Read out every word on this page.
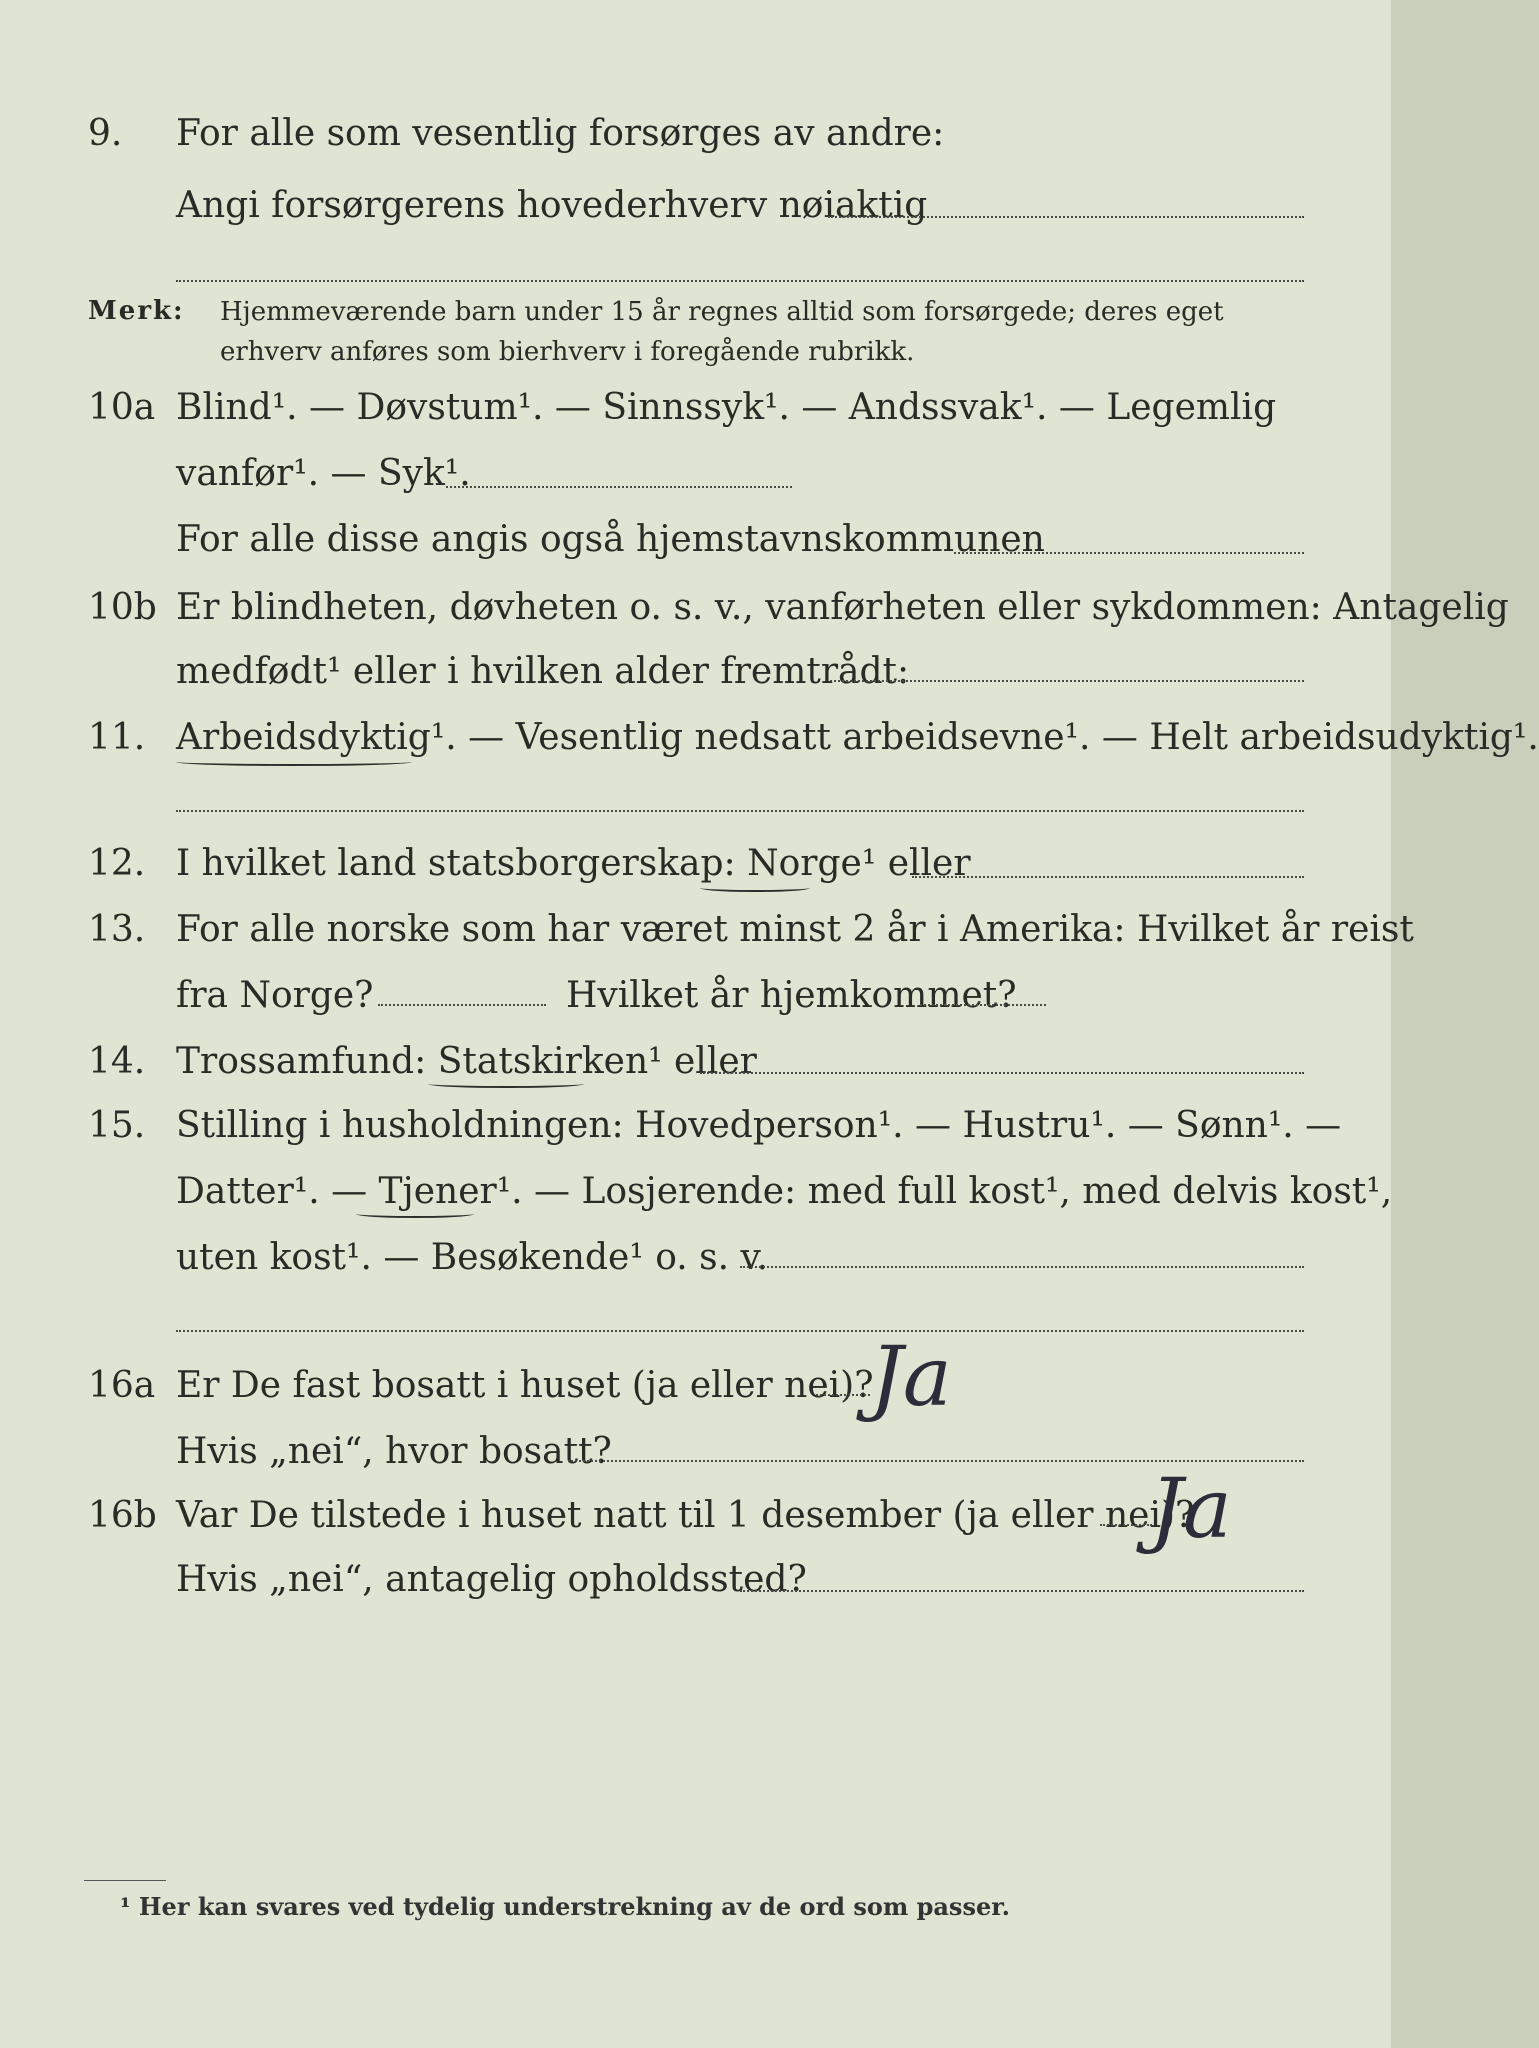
9. For alle som vesentlig forsørges av andre:
Angi forsørgerens hovederhverv nøiaktig
Merk: Hjemmeværende barn under 15 år regnes alltid som forsørgede; deres eget erhverv anføres som bierhverv i foregående rubrikk.
10a Blind¹. — Døvstum¹. — Sinnssyk¹. — Andssvak¹. — Legemlig
vanfør¹. — Syk¹.
For alle disse angis også hjemstavnskommunen
10b Er blindheten, døvheten o. s. v., vanførheten eller sykdommen: Antagelig
medfødt¹ eller i hvilken alder fremtrådt:
11. Arbeidsdyktig¹. — Vesentlig nedsatt arbeidsevne¹. — Helt arbeidsudyktig¹.
12. I hvilket land statsborgerskap: Norge¹ eller
13. For alle norske som har været minst 2 år i Amerika: Hvilket år reist
fra Norge?	Hvilket år hjemkommet?
14. Trossamfund: Statskirken¹ eller
15. Stilling i husholdningen: Hovedperson¹. — Hustru¹. — Sønn¹. —
Datter¹. — Tjener¹. — Losjerende: med full kost¹, med delvis kost¹,
uten kost¹. — Besøkende¹ o. s. v.
16a Er De fast bosatt i huset (ja eller nei)?
Ja
Hvis „nei“, hvor bosatt?
16b Var De tilstede i huset natt til 1 desember (ja eller nei)?
Ja
Hvis „nei“, antagelig opholdssted?
¹ Her kan svares ved tydelig understrekning av de ord som passer.
